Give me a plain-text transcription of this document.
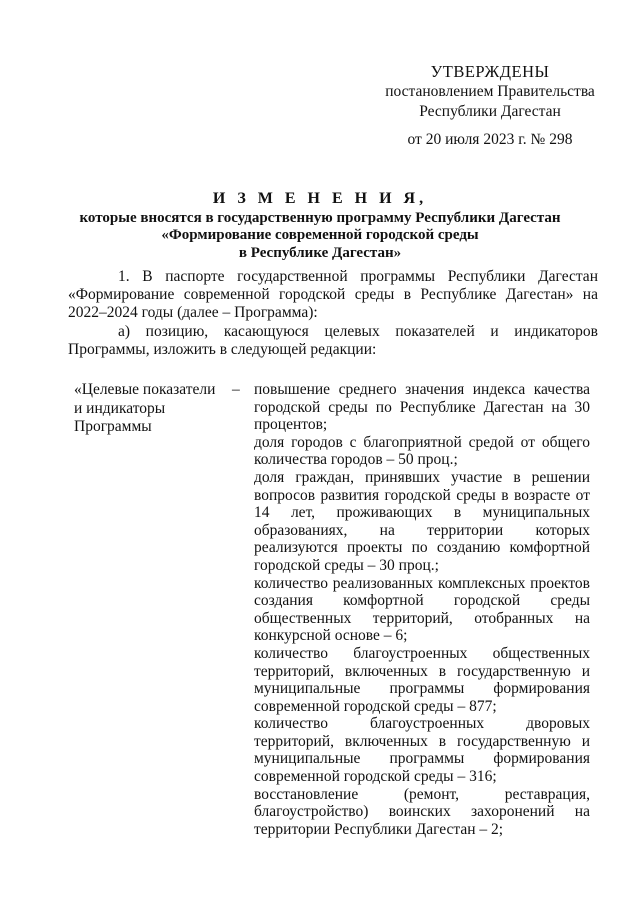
УТВЕРЖДЕНЫ
постановлением Правительства
Республики Дагестан
от 20 июля 2023 г. № 298
И З М Е Н Е Н И Я,
которые вносятся в государственную программу Республики Дагестан
«Формирование современной городской среды
в Республике Дагестан»
1. В паспорте государственной программы Республики Дагестан «Формирование современной городской среды в Республике Дагестан» на 2022–2024 годы (далее – Программа):
а) позицию, касающуюся целевых показателей и индикаторов Программы, изложить в следующей редакции:
«Целевые показатели
и индикаторы
Программы
– повышение среднего значения индекса качества городской среды по Республике Дагестан на 30 процентов;
доля городов с благоприятной средой от общего количества городов – 50 проц.;
доля граждан, принявших участие в решении вопросов развития городской среды в возрасте от 14 лет, проживающих в муниципальных образованиях, на территории которых реализуются проекты по созданию комфортной городской среды – 30 проц.;
количество реализованных комплексных проектов создания комфортной городской среды общественных территорий, отобранных на конкурсной основе – 6;
количество благоустроенных общественных территорий, включенных в государственную и муниципальные программы формирования современной городской среды – 877;
количество благоустроенных дворовых территорий, включенных в государственную и муниципальные программы формирования современной городской среды – 316;
восстановление (ремонт, реставрация, благоустройство) воинских захоронений на территории Республики Дагестан – 2;
